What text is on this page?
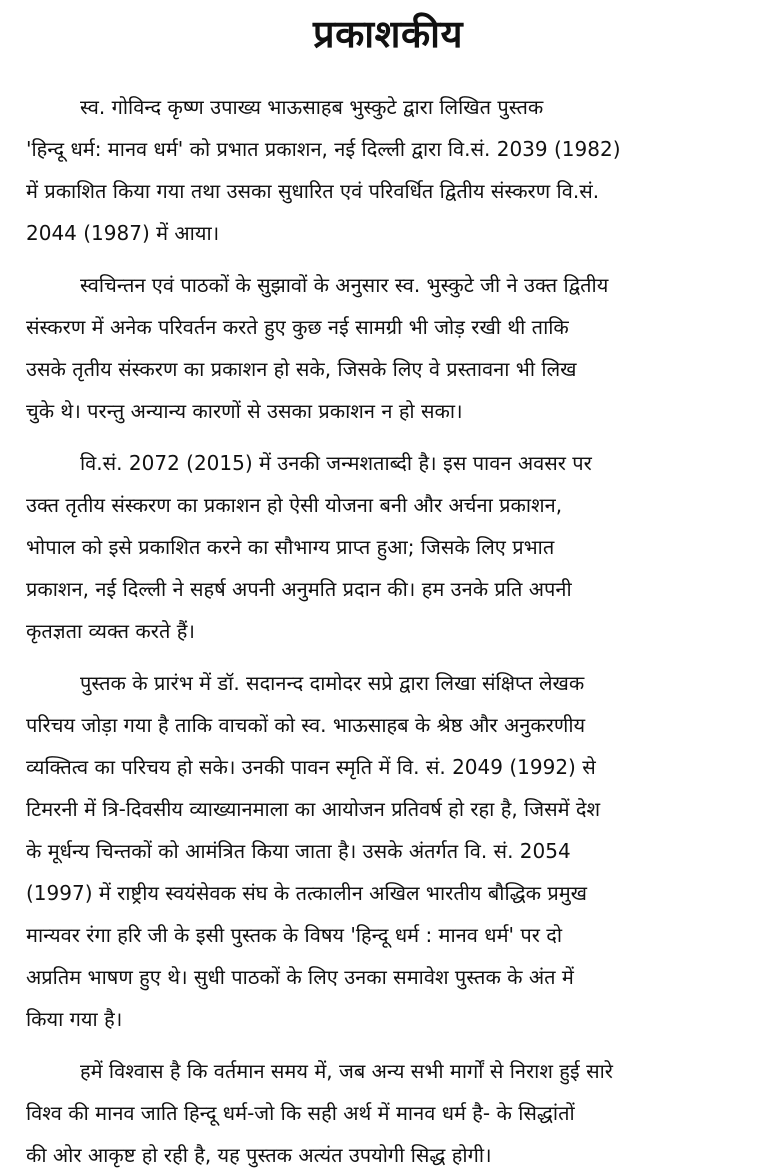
प्रकाशकीय

स्व. गोविन्द कृष्ण उपाख्य भाऊसाहब भुस्कुटे द्वारा लिखित पुस्तक
'हिन्दू धर्म: मानव धर्म' को प्रभात प्रकाशन, नई दिल्ली द्वारा वि.सं. 2039 (1982)
में प्रकाशित किया गया तथा उसका सुधारित एवं परिवर्धित द्वितीय संस्करण वि.सं.
2044 (1987) में आया।

स्वचिन्तन एवं पाठकों के सुझावों के अनुसार स्व. भुस्कुटे जी ने उक्त द्वितीय
संस्करण में अनेक परिवर्तन करते हुए कुछ नई सामग्री भी जोड़ रखी थी ताकि
उसके तृतीय संस्करण का प्रकाशन हो सके, जिसके लिए वे प्रस्तावना भी लिख
चुके थे। परन्तु अन्यान्य कारणों से उसका प्रकाशन न हो सका।

वि.सं. 2072 (2015) में उनकी जन्मशताब्दी है। इस पावन अवसर पर
उक्त तृतीय संस्करण का प्रकाशन हो ऐसी योजना बनी और अर्चना प्रकाशन,
भोपाल को इसे प्रकाशित करने का सौभाग्य प्राप्त हुआ; जिसके लिए प्रभात
प्रकाशन, नई दिल्ली ने सहर्ष अपनी अनुमति प्रदान की। हम उनके प्रति अपनी
कृतज्ञता व्यक्त करते हैं।

पुस्तक के प्रारंभ में डॉ. सदानन्द दामोदर सप्रे द्वारा लिखा संक्षिप्त लेखक
परिचय जोड़ा गया है ताकि वाचकों को स्व. भाऊसाहब के श्रेष्ठ और अनुकरणीय
व्यक्तित्व का परिचय हो सके। उनकी पावन स्मृति में वि. सं. 2049 (1992) से
टिमरनी में त्रि-दिवसीय व्याख्यानमाला का आयोजन प्रतिवर्ष हो रहा है, जिसमें देश
के मूर्धन्य चिन्तकों को आमंत्रित किया जाता है। उसके अंतर्गत वि. सं. 2054
(1997) में राष्ट्रीय स्वयंसेवक संघ के तत्कालीन अखिल भारतीय बौद्धिक प्रमुख
मान्यवर रंगा हरि जी के इसी पुस्तक के विषय 'हिन्दू धर्म : मानव धर्म' पर दो
अप्रतिम भाषण हुए थे। सुधी पाठकों के लिए उनका समावेश पुस्तक के अंत में
किया गया है।

हमें विश्वास है कि वर्तमान समय में, जब अन्य सभी मार्गों से निराश हुई सारे
विश्व की मानव जाति हिन्दू धर्म-जो कि सही अर्थ में मानव धर्म है- के सिद्धांतों
की ओर आकृष्ट हो रही है, यह पुस्तक अत्यंत उपयोगी सिद्ध होगी।
